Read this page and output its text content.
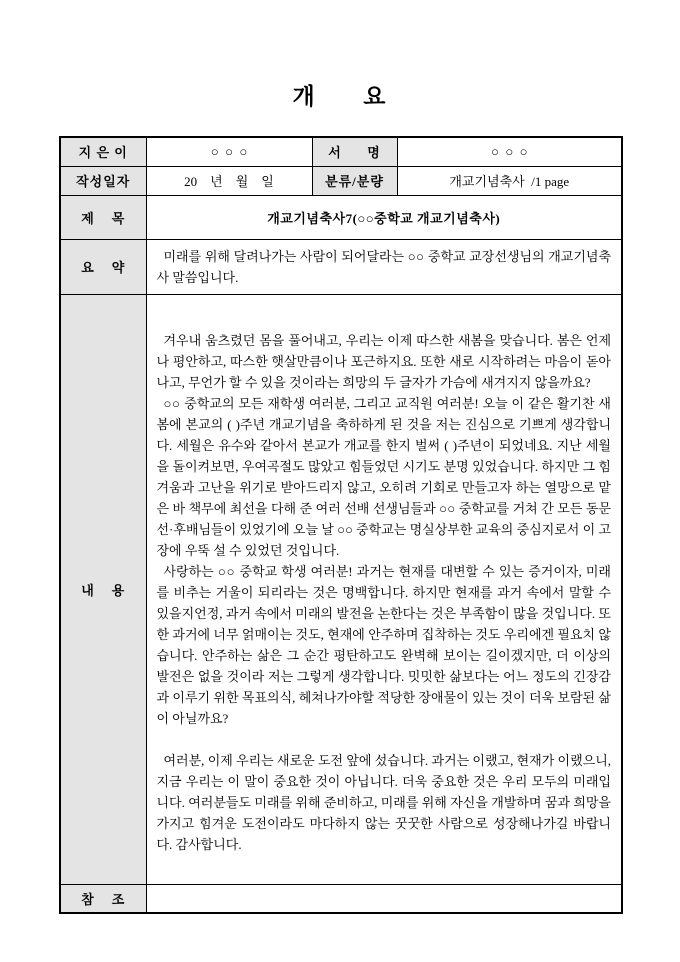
개      요
지 은 이	○  ○  ○	서      명	○  ○  ○
작성일자	20    년    월    일	분류/분량	개교기념축사  /1 page
제    목	개교기념축사7(○○중학교 개교기념축사)		
요    약	미래를 위해 달려나가는 사람이 되어달라는 ○○ 중학교 교장선생님의 개교기념축사 말씀입니다.		

내    용	겨우내 움츠렸던 몸을 풀어내고, 우리는 이제 따스한 새봄을 맞습니다. 봄은 언제나 평안하고, 따스한 햇살만큼이나 포근하지요. 또한 새로 시작하려는 마음이 돋아나고, 무언가 할 수 있을 것이라는 희망의 두 글자가 가슴에 새겨지지 않을까요?

○○ 중학교의 모든 재학생 여러분, 그리고 교직원 여러분! 오늘 이 같은 활기찬 새봄에 본교의 ( )주년 개교기념을 축하하게 된 것을 저는 진심으로 기쁘게 생각합니다. 세월은 유수와 같아서 본교가 개교를 한지 벌써 ( )주년이 되었네요. 지난 세월을 돌이켜보면, 우여곡절도 많았고 힘들었던 시기도 분명 있었습니다. 하지만 그 힘겨움과 고난을 위기로 받아드리지 않고, 오히려 기회로 만들고자 하는 열망으로 맡은 바 책무에 최선을 다해 준 여러 선배 선생님들과 ○○ 중학교를 거쳐 간 모든 동문 선·후배님들이 있었기에 오늘 날 ○○ 중학교는 명실상부한 교육의 중심지로서 이 고장에 우뚝 설 수 있었던 것입니다.

사랑하는 ○○ 중학교 학생 여러분! 과거는 현재를 대변할 수 있는 증거이자, 미래를 비추는 거울이 되리라는 것은 명백합니다. 하지만 현재를 과거 속에서 말할 수 있을지언정, 과거 속에서 미래의 발전을 논한다는 것은 부족함이 많을 것입니다. 또한 과거에 너무 얽매이는 것도, 현재에 안주하며 집착하는 것도 우리에겐 필요치 않습니다. 안주하는 삶은 그 순간 평탄하고도 완벽해 보이는 길이겠지만, 더 이상의 발전은 없을 것이라 저는 그렇게 생각합니다. 밋밋한 삶보다는 어느 정도의 긴장감과 이루기 위한 목표의식, 헤쳐나가야할 적당한 장애물이 있는 것이 더욱 보람된 삶이 아닐까요?

여러분, 이제 우리는 새로운 도전 앞에 섰습니다. 과거는 이랬고, 현재가 이랬으니, 지금 우리는 이 말이 중요한 것이 아닙니다. 더욱 중요한 것은 우리 모두의 미래입니다. 여러분들도 미래를 위해 준비하고, 미래를 위해 자신을 개발하며 꿈과 희망을 가지고 힘겨운 도전이라도 마다하지 않는 꿋꿋한 사람으로 성장해나가길 바랍니다. 감사합니다.		

참    조			
